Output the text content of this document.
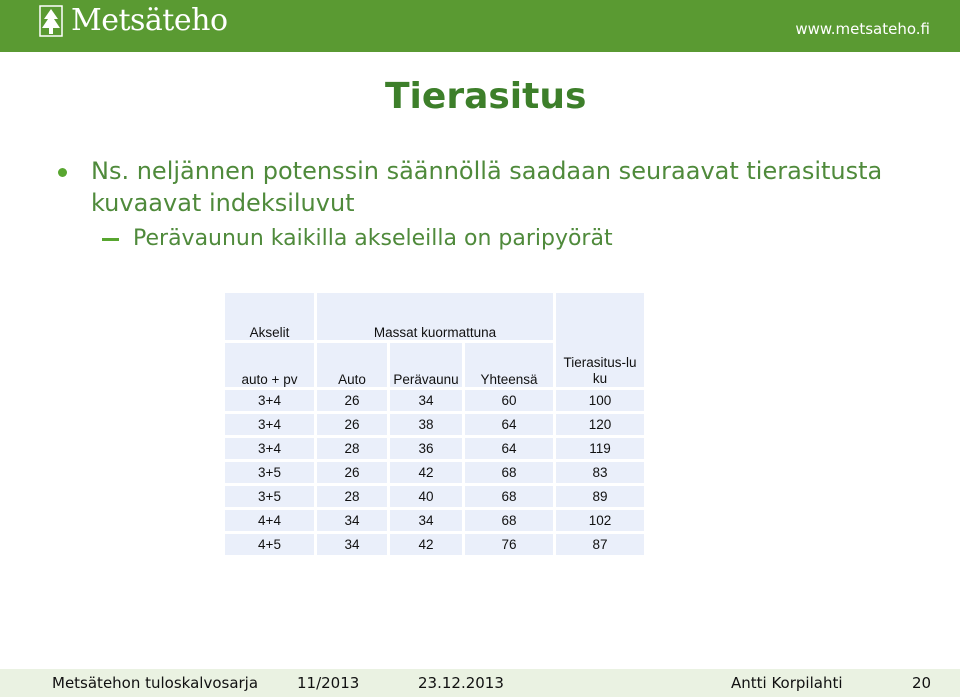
Metsäteho	www.metsateho.fi
Tierasitus
Ns. neljännen potenssin säännöllä saadaan seuraavat tierasitusta kuvaavat indeksiluvut
Perävaunun kaikilla akseleilla on paripyörät
Akselit	Massat kuormattuna			Tierasitus-luku
auto + pv	Auto	Perävaunu	Yhteensä	
3+4	26	34	60	100
3+4	26	38	64	120
3+4	28	36	64	119
3+5	26	42	68	83
3+5	28	40	68	89
4+4	34	34	68	102
4+5	34	42	76	87
Metsätehon tuloskalvosarja	11/2013	23.12.2013	Antti Korpilahti	20
